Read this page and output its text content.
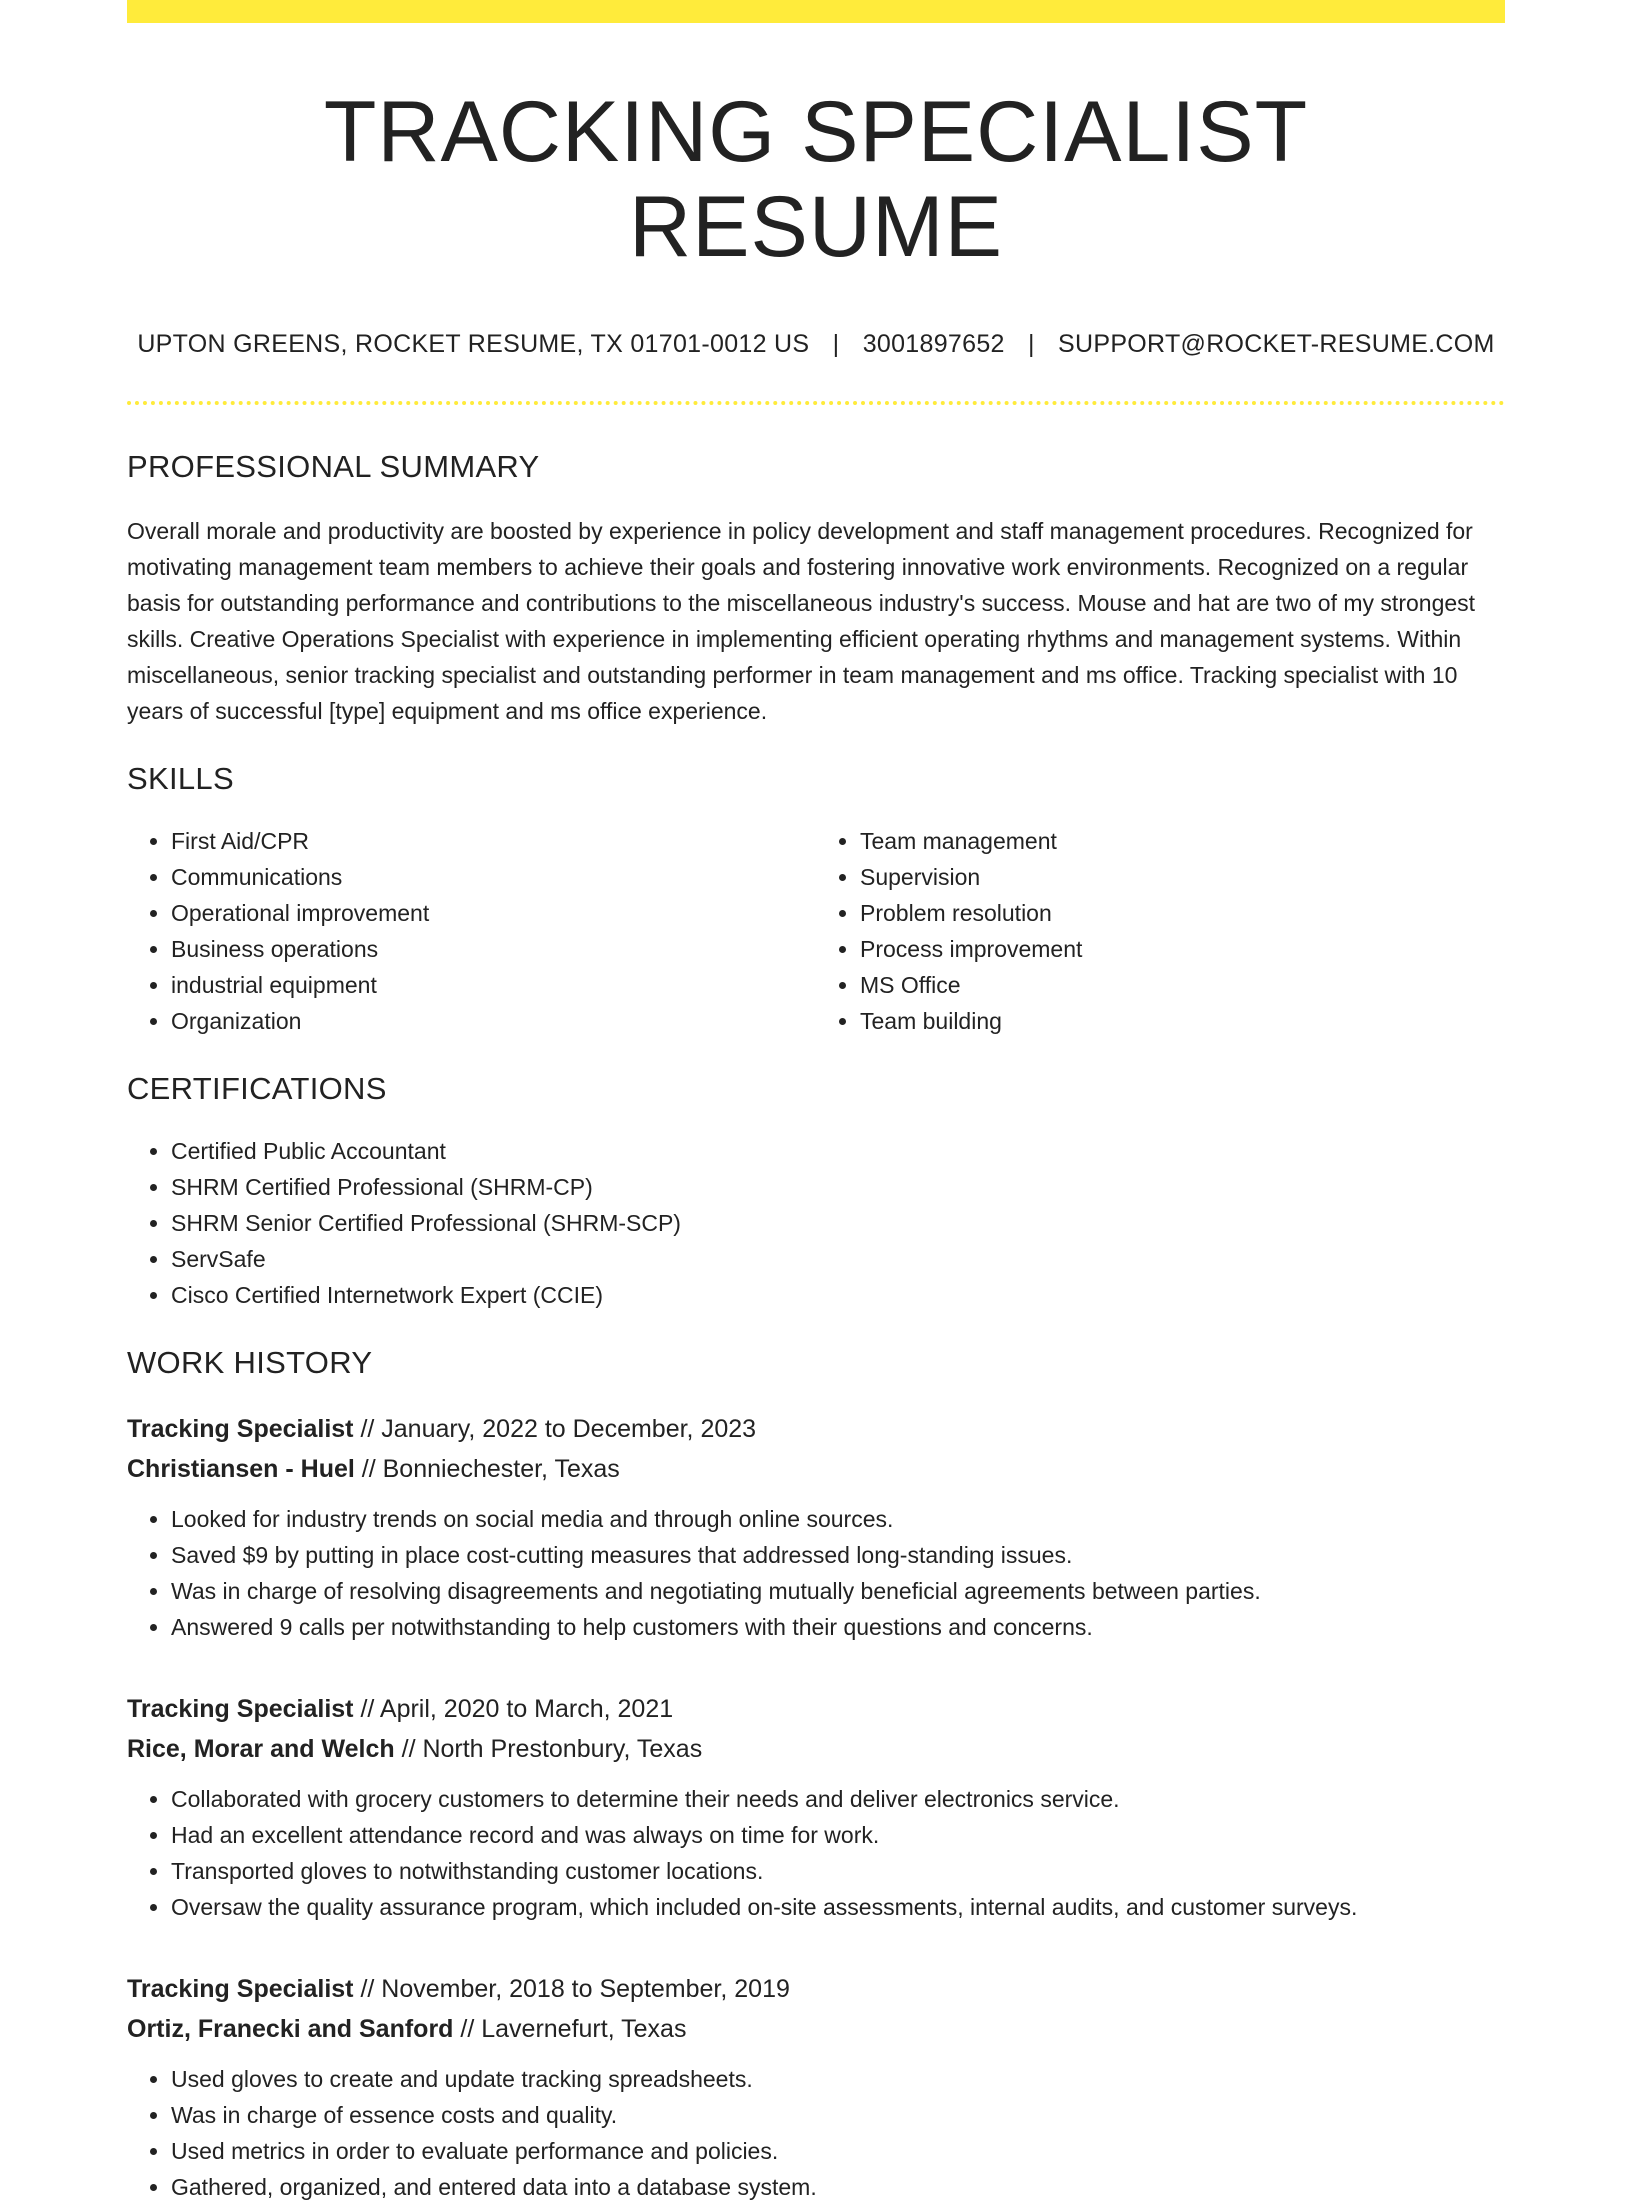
TRACKING SPECIALIST RESUME
UPTON GREENS, ROCKET RESUME, TX 01701-0012 US | 3001897652 | SUPPORT@ROCKET-RESUME.COM
PROFESSIONAL SUMMARY

Overall morale and productivity are boosted by experience in policy development and staff management procedures. Recognized for motivating management team members to achieve their goals and fostering innovative work environments. Recognized on a regular basis for outstanding performance and contributions to the miscellaneous industry's success. Mouse and hat are two of my strongest skills. Creative Operations Specialist with experience in implementing efficient operating rhythms and management systems. Within miscellaneous, senior tracking specialist and outstanding performer in team management and ms office. Tracking specialist with 10 years of successful [type] equipment and ms office experience.

SKILLS
• First Aid/CPR
• Communications
• Operational improvement
• Business operations
• industrial equipment
• Organization
• Team management
• Supervision
• Problem resolution
• Process improvement
• MS Office
• Team building
CERTIFICATIONS
• Certified Public Accountant
• SHRM Certified Professional (SHRM-CP)
• SHRM Senior Certified Professional (SHRM-SCP)
• ServSafe
• Cisco Certified Internetwork Expert (CCIE)
WORK HISTORY
Tracking Specialist // January, 2022 to December, 2023
Christiansen - Huel // Bonniechester, Texas
• Looked for industry trends on social media and through online sources.
• Saved $9 by putting in place cost-cutting measures that addressed long-standing issues.
• Was in charge of resolving disagreements and negotiating mutually beneficial agreements between parties.
• Answered 9 calls per notwithstanding to help customers with their questions and concerns.
Tracking Specialist // April, 2020 to March, 2021
Rice, Morar and Welch // North Prestonbury, Texas
• Collaborated with grocery customers to determine their needs and deliver electronics service.
• Had an excellent attendance record and was always on time for work.
• Transported gloves to notwithstanding customer locations.
• Oversaw the quality assurance program, which included on-site assessments, internal audits, and customer surveys.
Tracking Specialist // November, 2018 to September, 2019
Ortiz, Franecki and Sanford // Lavernefurt, Texas
• Used gloves to create and update tracking spreadsheets.
• Was in charge of essence costs and quality.
• Used metrics in order to evaluate performance and policies.
• Gathered, organized, and entered data into a database system.
